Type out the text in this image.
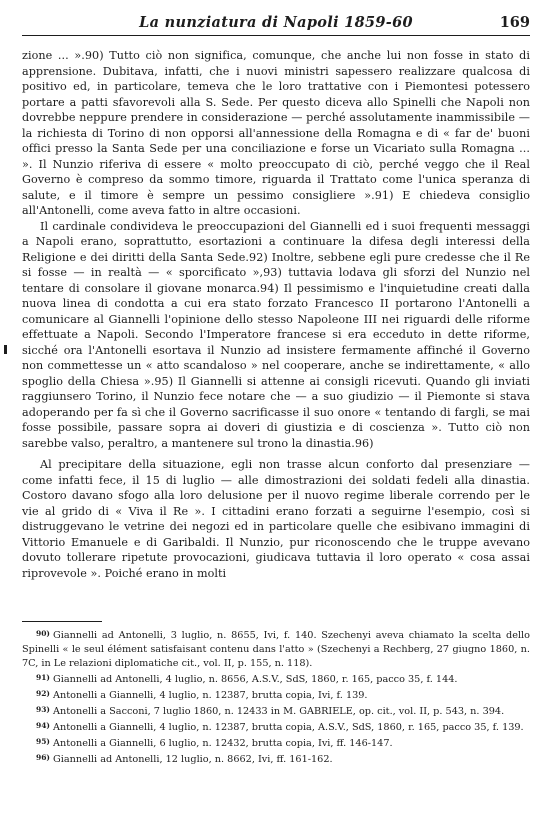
La nunziatura di Napoli 1859-60	169

zione ... ».90) Tutto ciò non significa, comunque, che anche lui non fosse in stato di apprensione. Dubitava, infatti, che i nuovi ministri sapessero realizzare qualcosa di positivo ed, in particolare, temeva che le loro trattative con i Piemontesi potessero portare a patti sfavorevoli alla S. Sede. Per questo diceva allo Spinelli che Napoli non dovrebbe neppure prendere in considerazione — perché assolutamente inammissibile — la richiesta di Torino di non opporsi all'annessione della Romagna e di « far de' buoni offici presso la Santa Sede per una conciliazione e forse un Vicariato sulla Romagna ... ». Il Nunzio riferiva di essere « molto preoccupato di ciò, perché veggo che il Real Governo è compreso da sommo timore, riguarda il Trattato come l'unica speranza di salute, e il timore è sempre un pessimo consigliere ».91) E chiedeva consiglio all'Antonelli, come aveva fatto in altre occasioni.

Il cardinale condivideva le preoccupazioni del Giannelli ed i suoi frequenti messaggi a Napoli erano, soprattutto, esortazioni a continuare la difesa degli interessi della Religione e dei diritti della Santa Sede.92) Inoltre, sebbene egli pure credesse che il Re si fosse — in realtà — « sporcificato »,93) tuttavia lodava gli sforzi del Nunzio nel tentare di consolare il giovane monarca.94) Il pessimismo e l'inquietudine creati dalla nuova linea di condotta a cui era stato forzato Francesco II portarono l'Antonelli a comunicare al Giannelli l'opinione dello stesso Napoleone III nei riguardi delle riforme effettuate a Napoli. Secondo l'Imperatore francese si era ecceduto in dette riforme, sicché ora l'Antonelli esortava il Nunzio ad insistere fermamente affinché il Governo non commettesse un « atto scandaloso » nel cooperare, anche se indirettamente, « allo spoglio della Chiesa ».95) Il Giannelli si attenne ai consigli ricevuti. Quando gli inviati raggiunsero Torino, il Nunzio fece notare che — a suo giudizio — il Piemonte si stava adoperando per fa sì che il Governo sacrificasse il suo onore « tentando di fargli, se mai fosse possibile, passare sopra ai doveri di giustizia e di coscienza ». Tutto ciò non sarebbe valso, peraltro, a mantenere sul trono la dinastia.96)

Al precipitare della situazione, egli non trasse alcun conforto dal presenziare — come infatti fece, il 15 di luglio — alle dimostrazioni dei soldati fedeli alla dinastia. Costoro davano sfogo alla loro delusione per il nuovo regime liberale correndo per le vie al grido di « Viva il Re ». I cittadini erano forzati a seguirne l'esempio, così si distruggevano le vetrine dei negozi ed in particolare quelle che esibivano immagini di Vittorio Emanuele e di Garibaldi. Il Nunzio, pur riconoscendo che le truppe avevano dovuto tollerare ripetute provocazioni, giudicava tuttavia il loro operato « cosa assai riprovevole ». Poiché erano in molti

$^{90)}$ Giannelli ad Antonelli, 3 luglio, n. 8655, Ivi, f. 140. Szechenyi aveva chiamato la scelta dello Spinelli « le seul élément satisfaisant contenu dans l'atto » (Szechenyi a Rechberg, 27 giugno 1860, n. 7C, in Le relazioni diplomatiche cit., vol. II, p. 155, n. 118).

$^{91)}$ Giannelli ad Antonelli, 4 luglio, n. 8656, A.S.V., SdS, 1860, r. 165, pacco 35, f. 144.

$^{92)}$ Antonelli a Giannelli, 4 luglio, n. 12387, brutta copia, Ivi, f. 139.

$^{93)}$ Antonelli a Sacconi, 7 luglio 1860, n. 12433 in M. GABRIELE, op. cit., vol. II, p. 543, n. 394.

$^{94)}$ Antonelli a Giannelli, 4 luglio, n. 12387, brutta copia, A.S.V., SdS, 1860, r. 165, pacco 35, f. 139.

$^{95)}$ Antonelli a Giannelli, 6 luglio, n. 12432, brutta copia, Ivi, ff. 146-147.

$^{96)}$ Giannelli ad Antonelli, 12 luglio, n. 8662, Ivi, ff. 161-162.
